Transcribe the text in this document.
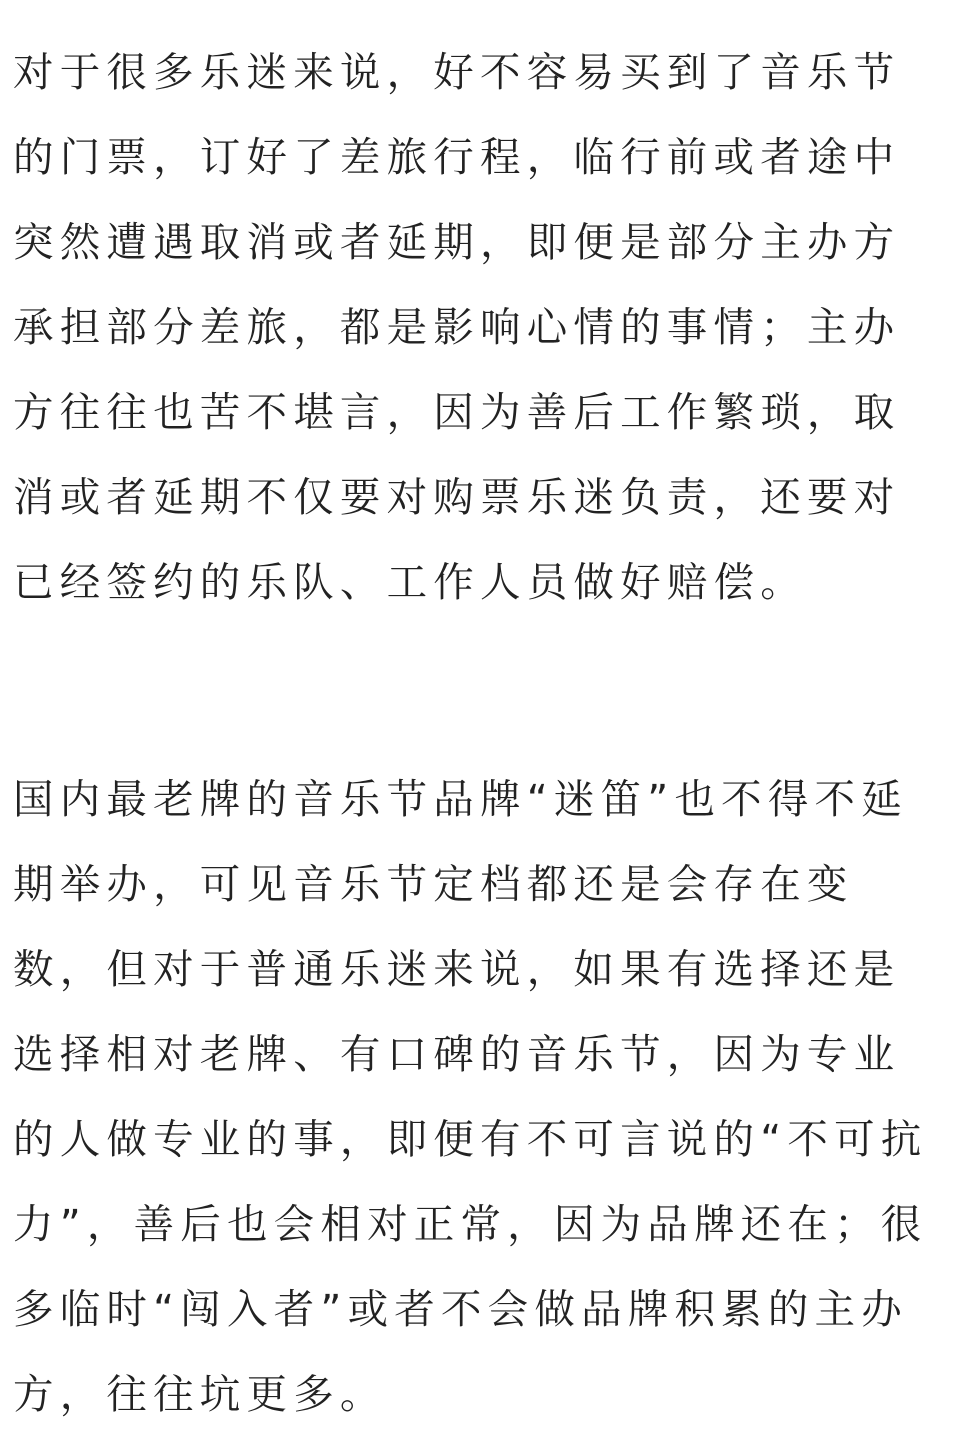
对于很多乐迷来说，好不容易买到了音乐节
的门票，订好了差旅行程，临行前或者途中
突然遭遇取消或者延期，即便是部分主办方
承担部分差旅，都是影响心情的事情；主办
方往往也苦不堪言，因为善后工作繁琐，取
消或者延期不仅要对购票乐迷负责，还要对
已经签约的乐队、工作人员做好赔偿。
国内最老牌的音乐节品牌“迷笛”也不得不延
期举办，可见音乐节定档都还是会存在变
数，但对于普通乐迷来说，如果有选择还是
选择相对老牌、有口碑的音乐节，因为专业
的人做专业的事，即便有不可言说的“不可抗
力”，善后也会相对正常，因为品牌还在；很
多临时“闯入者”或者不会做品牌积累的主办
方，往往坑更多。
